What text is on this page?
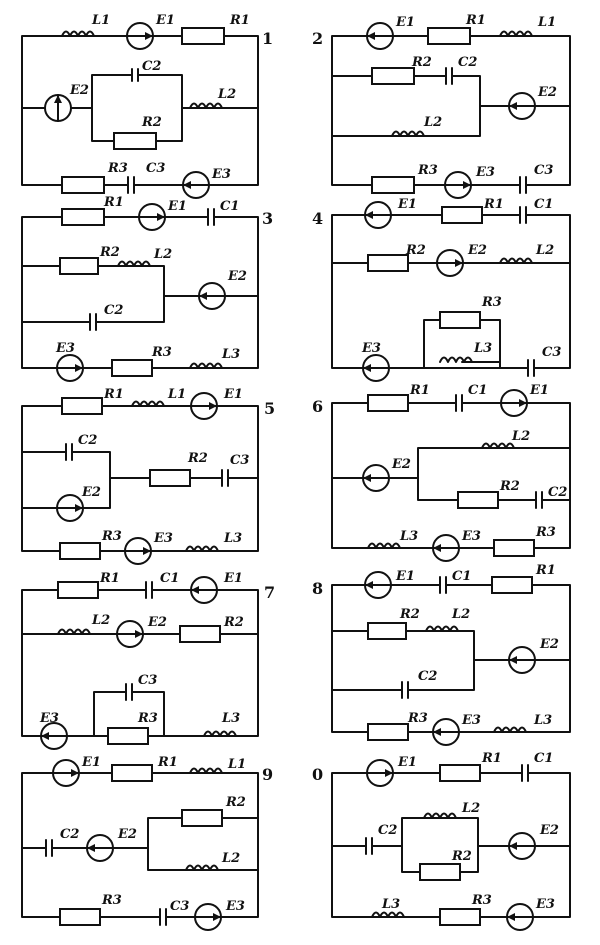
1
L1	E1	R1
E2
C2
R2
L2
R3 C3	E3
2
E1	R1	L1
R2 C2
E2
L2
R3	E3	C3
3
R1	E1	C1
R2	L2
E2
C2
E3	R3	L3
4
E1	R1 C1
R2	E2	L2
R3
E3	L3	C3
5
R1	L1	E1
C2
R2 C3
E2
R3 E3	L3
6
R1	C1	E1
L2
E2
R2 C2
L3	E3	R3
7
R1	C1	E1
L2	E2	R2
C3
E3	R3	L3
8
E1	C1	R1
R2 L2
E2
C2
R3	E3	L3
9
E1	R1	L1
R2
C2	E2
L2
R3	C3	E3
0
E1	R1 C1
L2
C2	E2
R2
L3	R3	E3
